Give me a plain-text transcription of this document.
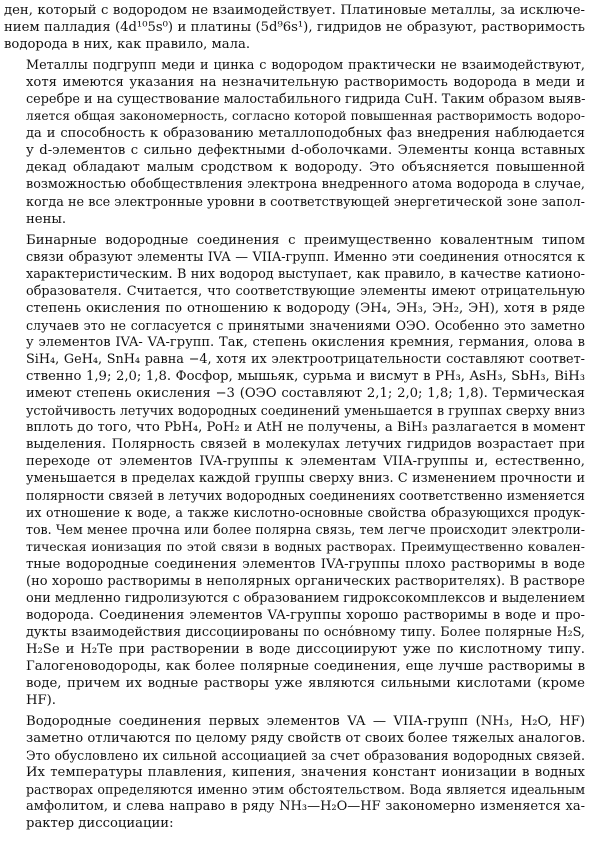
ден, который с водородом не взаимодействует. Платиновые металлы, за исключе-
нием палладия (4d¹⁰5s⁰) и платины (5d⁹6s¹), гидридов не образуют, растворимость
водорода в них, как правило, мала.
Металлы подгрупп меди и цинка с водородом практически не взаимодействуют,
хотя имеются указания на незначительную растворимость водорода в меди и
серебре и на существование малостабильного гидрида CuH. Таким образом выяв-
ляется общая закономерность, согласно которой повышенная растворимость водоро-
да и способность к образованию металлоподобных фаз внедрения наблюдается
у d-элементов с сильно дефектными d-оболочками. Элементы конца вставных
декад обладают малым сродством к водороду. Это объясняется повышенной
возможностью обобществления электрона внедренного атома водорода в случае,
когда не все электронные уровни в соответствующей энергетической зоне запол-
нены.
Бинарные водородные соединения с преимущественно ковалентным типом
связи образуют элементы IVA — VIIA-групп. Именно эти соединения относятся к
характеристическим. В них водород выступает, как правило, в качестве катионо-
образователя. Считается, что соответствующие элементы имеют отрицательную
степень окисления по отношению к водороду (ЭH₄, ЭH₃, ЭH₂, ЭH), хотя в ряде
случаев это не согласуется с принятыми значениями ОЭО. Особенно это заметно
у элементов IVA- VA-групп. Так, степень окисления кремния, германия, олова в
SiH₄, GeH₄, SnH₄ равна −4, хотя их электроотрицательности составляют соответ-
ственно 1,9; 2,0; 1,8. Фосфор, мышьяк, сурьма и висмут в PH₃, AsH₃, SbH₃, BiH₃
имеют степень окисления −3 (ОЭО составляют 2,1; 2,0; 1,8; 1,8). Термическая
устойчивость летучих водородных соединений уменьшается в группах сверху вниз
вплоть до того, что PbH₄, PoH₂ и AtH не получены, а BiH₃ разлагается в момент
выделения. Полярность связей в молекулах летучих гидридов возрастает при
переходе от элементов IVA-группы к элементам VIIA-группы и, естественно,
уменьшается в пределах каждой группы сверху вниз. С изменением прочности и
полярности связей в летучих водородных соединениях соответственно изменяется
их отношение к воде, а также кислотно-основные свойства образующихся продук-
тов. Чем менее прочна или более полярна связь, тем легче происходит электроли-
тическая ионизация по этой связи в водных растворах. Преимущественно ковален-
тные водородные соединения элементов IVA-группы плохо растворимы в воде
(но хорошо растворимы в неполярных органических растворителях). В растворе
они медленно гидролизуются с образованием гидроксокомплексов и выделением
водорода. Соединения элементов VA-группы хорошо растворимы в воде и про-
дукты взаимодействия диссоциированы по оснóвному типу. Более полярные H₂S,
H₂Se и H₂Te при растворении в воде диссоциируют уже по кислотному типу.
Галогеноводороды, как более полярные соединения, еще лучше растворимы в
воде, причем их водные растворы уже являются сильными кислотами (кроме
HF).
Водородные соединения первых элементов VA — VIIA-групп (NH₃, H₂O, HF)
заметно отличаются по целому ряду свойств от своих более тяжелых аналогов.
Это обусловлено их сильной ассоциацией за счет образования водородных связей.
Их температуры плавления, кипения, значения констант ионизации в водных
растворах определяются именно этим обстоятельством. Вода является идеальным
амфолитом, и слева направо в ряду NH₃—H₂O—HF закономерно изменяется ха-
рактер диссоциации:
